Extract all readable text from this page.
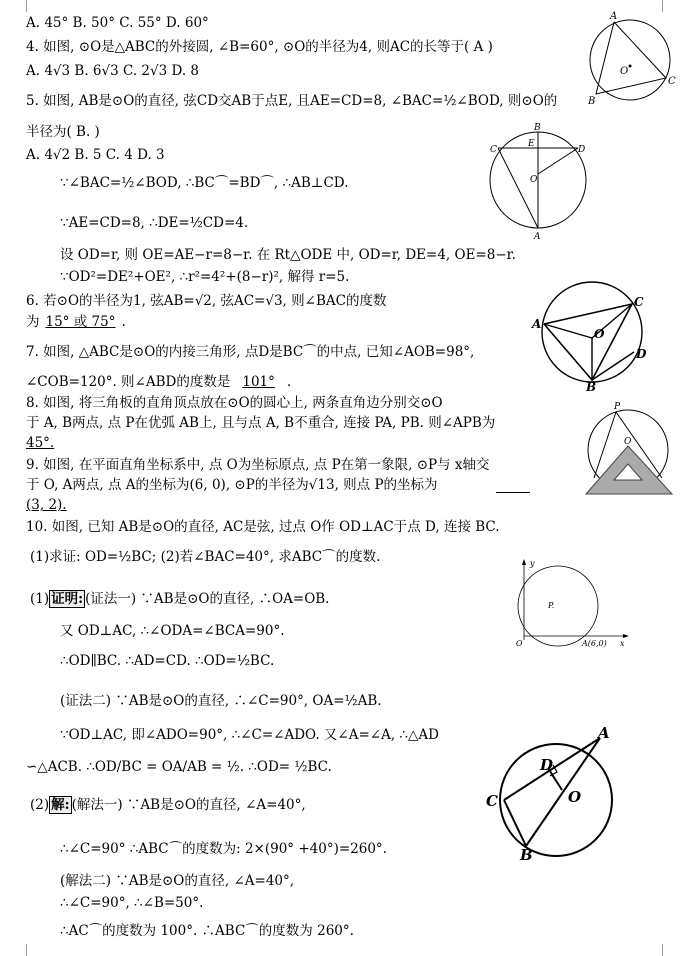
A. 45° B. 50° C. 55° D. 60°
4. 如图, ⊙O是△ABC的外接圆, ∠B=60°, ⊙O的半径为4, 则AC的长等于( A )
A. 4√3 B. 6√3 C. 2√3 D. 8
5. 如图, AB是⊙O的直径, 弦CD交AB于点E, 且AE=CD=8, ∠BAC=½∠BOD, 则⊙O的
半径为( B. )
A. 4√2 B. 5 C. 4 D. 3
∵∠BAC=½∠BOD, ∴BC⌒=BD⌒, ∴AB⊥CD.
∵AE=CD=8, ∴DE=½CD=4.
设 OD=r, 则 OE=AE−r=8−r. 在 Rt△ODE 中, OD=r, DE=4, OE=8−r.
∵OD²=DE²+OE², ∴r²=4²+(8−r)², 解得 r=5.
6. 若⊙O的半径为1, 弦AB=√2, 弦AC=√3, 则∠BAC的度数
为 15° 或 75° .
7. 如图, △ABC是⊙O的内接三角形, 点D是BC⌒的中点, 已知∠AOB=98°,
∠COB=120°. 则∠ABD的度数是 101° .
8. 如图, 将三角板的直角顶点放在⊙O的圆心上, 两条直角边分别交⊙O
于 A, B两点, 点 P在优弧 AB上, 且与点 A, B不重合, 连接 PA, PB. 则∠APB为
45°.
9. 如图, 在平面直角坐标系中, 点 O为坐标原点, 点 P在第一象限, ⊙P与 x轴交
于 O, A两点, 点 A的坐标为(6, 0), ⊙P的半径为√13, 则点 P的坐标为
(3, 2).
10. 如图, 已知 AB是⊙O的直径, AC是弦, 过点 O作 OD⊥AC于点 D, 连接 BC.
(1)求证: OD=½BC; (2)若∠BAC=40°, 求ABC⌒的度数.
(1) 证明: (证法一) ∵AB是⊙O的直径, ∴OA=OB.
又 OD⊥AC, ∴∠ODA=∠BCA=90°.
∴OD∥BC. ∴AD=CD. ∴OD=½BC.
(证法二) ∵AB是⊙O的直径, ∴∠C=90°, OA=½AB.
∵OD⊥AC, 即∠ADO=90°, ∴∠C=∠ADO. 又∠A=∠A, ∴△AD
∽△ACB. ∴OD/BC = OA/AB = ½. ∴OD= ½BC.
(2) 解: (解法一) ∵AB是⊙O的直径, ∠A=40°,
∴∠C=90° ∴ABC⌒的度数为: 2×(90° +40°)=260°.
(解法二) ∵AB是⊙O的直径, ∠A=40°,
∴∠C=90°, ∴∠B=50°.
∴AC⌒的度数为 100°. ∴ABC⌒的度数为 260°.
A
C
B
O
B
E
C	D
O
A
A
C
D
B
O
P
O
y
x
P.
O	A(6,0)
A
C
B
D
O
